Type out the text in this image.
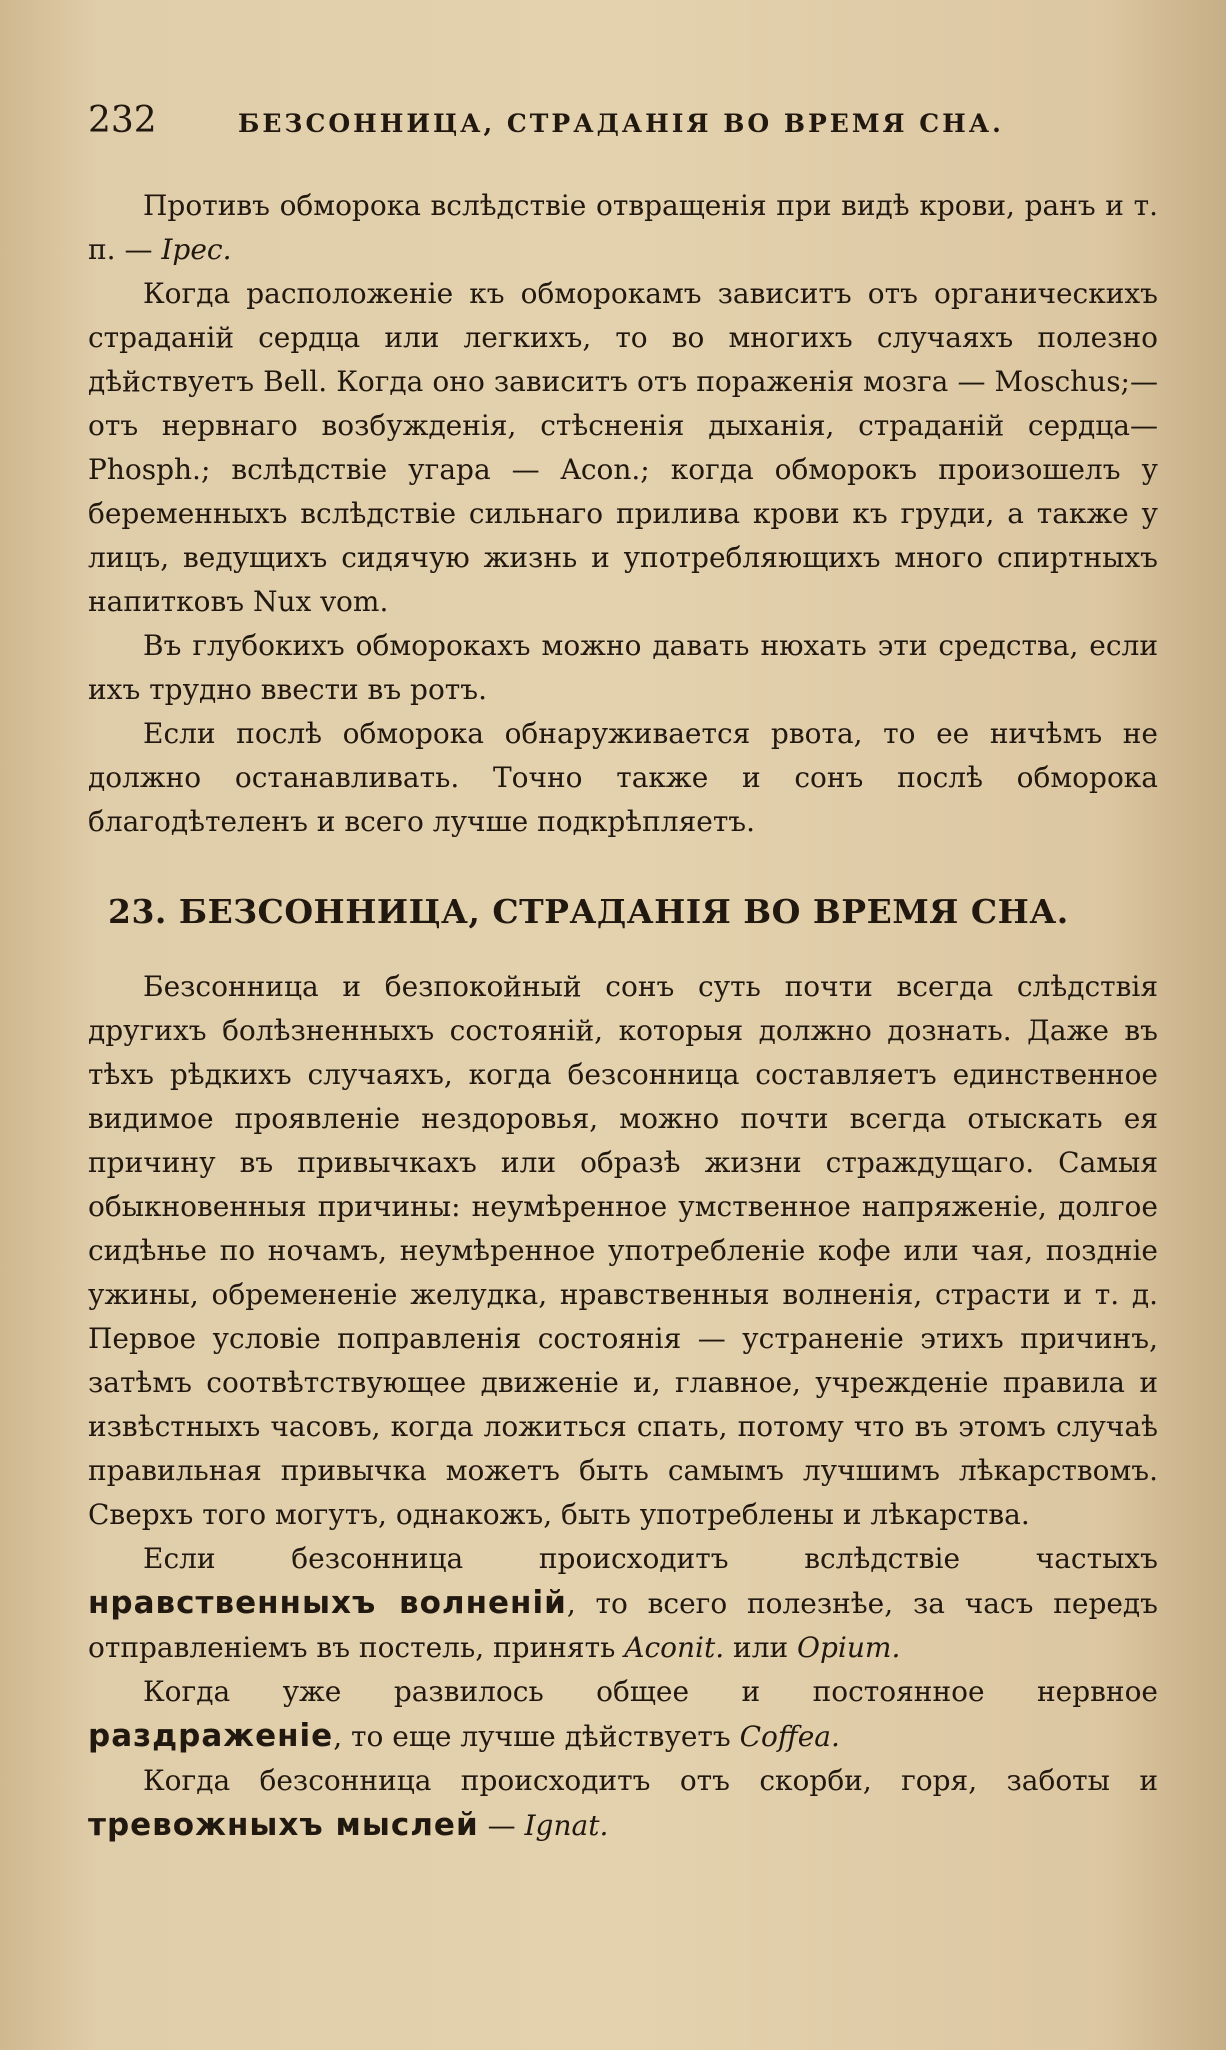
232	БЕЗСОННИЦА, СТРАДАНІЯ ВО ВРЕМЯ СНА.

Противъ обморока вслѣдствіе отвращенія при видѣ крови, ранъ и т. п. — Ipec.

Когда расположеніе къ обморокамъ зависитъ отъ органическихъ страданій сердца или легкихъ, то во многихъ случаяхъ полезно дѣйствуетъ Bell. Когда оно зависитъ отъ пораженія мозга — Moschus;—отъ нервнаго возбужденія, стѣсненія дыханія, страданій сердца—Phosph.; вслѣдствіе угара — Acon.; когда обморокъ произошелъ у беременныхъ вслѣдствіе сильнаго прилива крови къ груди, а также у лицъ, ведущихъ сидячую жизнь и употребляющихъ много спиртныхъ напитковъ Nux vom.

Въ глубокихъ обморокахъ можно давать нюхать эти средства, если ихъ трудно ввести въ ротъ.

Если послѣ обморока обнаруживается рвота, то ее ничѣмъ не должно останавливать. Точно также и сонъ послѣ обморока благодѣтеленъ и всего лучше подкрѣпляетъ.

23. БЕЗСОННИЦА, СТРАДАНІЯ ВО ВРЕМЯ СНА.

Безсонница и безпокойный сонъ суть почти всегда слѣдствія другихъ болѣзненныхъ состояній, которыя должно дознать. Даже въ тѣхъ рѣдкихъ случаяхъ, когда безсонница составляетъ единственное видимое проявленіе нездоровья, можно почти всегда отыскать ея причину въ привычкахъ или образѣ жизни страждущаго. Самыя обыкновенныя причины: неумѣренное умственное напряженіе, долгое сидѣнье по ночамъ, неумѣренное употребленіе кофе или чая, поздніе ужины, обремененіе желудка, нравственныя волненія, страсти и т. д. Первое условіе поправленія состоянія — устраненіе этихъ причинъ, затѣмъ соотвѣтствующее движеніе и, главное, учрежденіе правила и извѣстныхъ часовъ, когда ложиться спать, потому что въ этомъ случаѣ правильная привычка можетъ быть самымъ лучшимъ лѣкарствомъ. Сверхъ того могутъ, однакожъ, быть употреблены и лѣкарства.

Если безсонница происходитъ вслѣдствіе частыхъ нравственныхъ волненій, то всего полезнѣе, за часъ передъ отправленіемъ въ постель, принять Aconit. или Opium.

Когда уже развилось общее и постоянное нервное раздраженіе, то еще лучше дѣйствуетъ Coffea.

Когда безсонница происходитъ отъ скорби, горя, заботы и тревожныхъ мыслей — Ignat.
